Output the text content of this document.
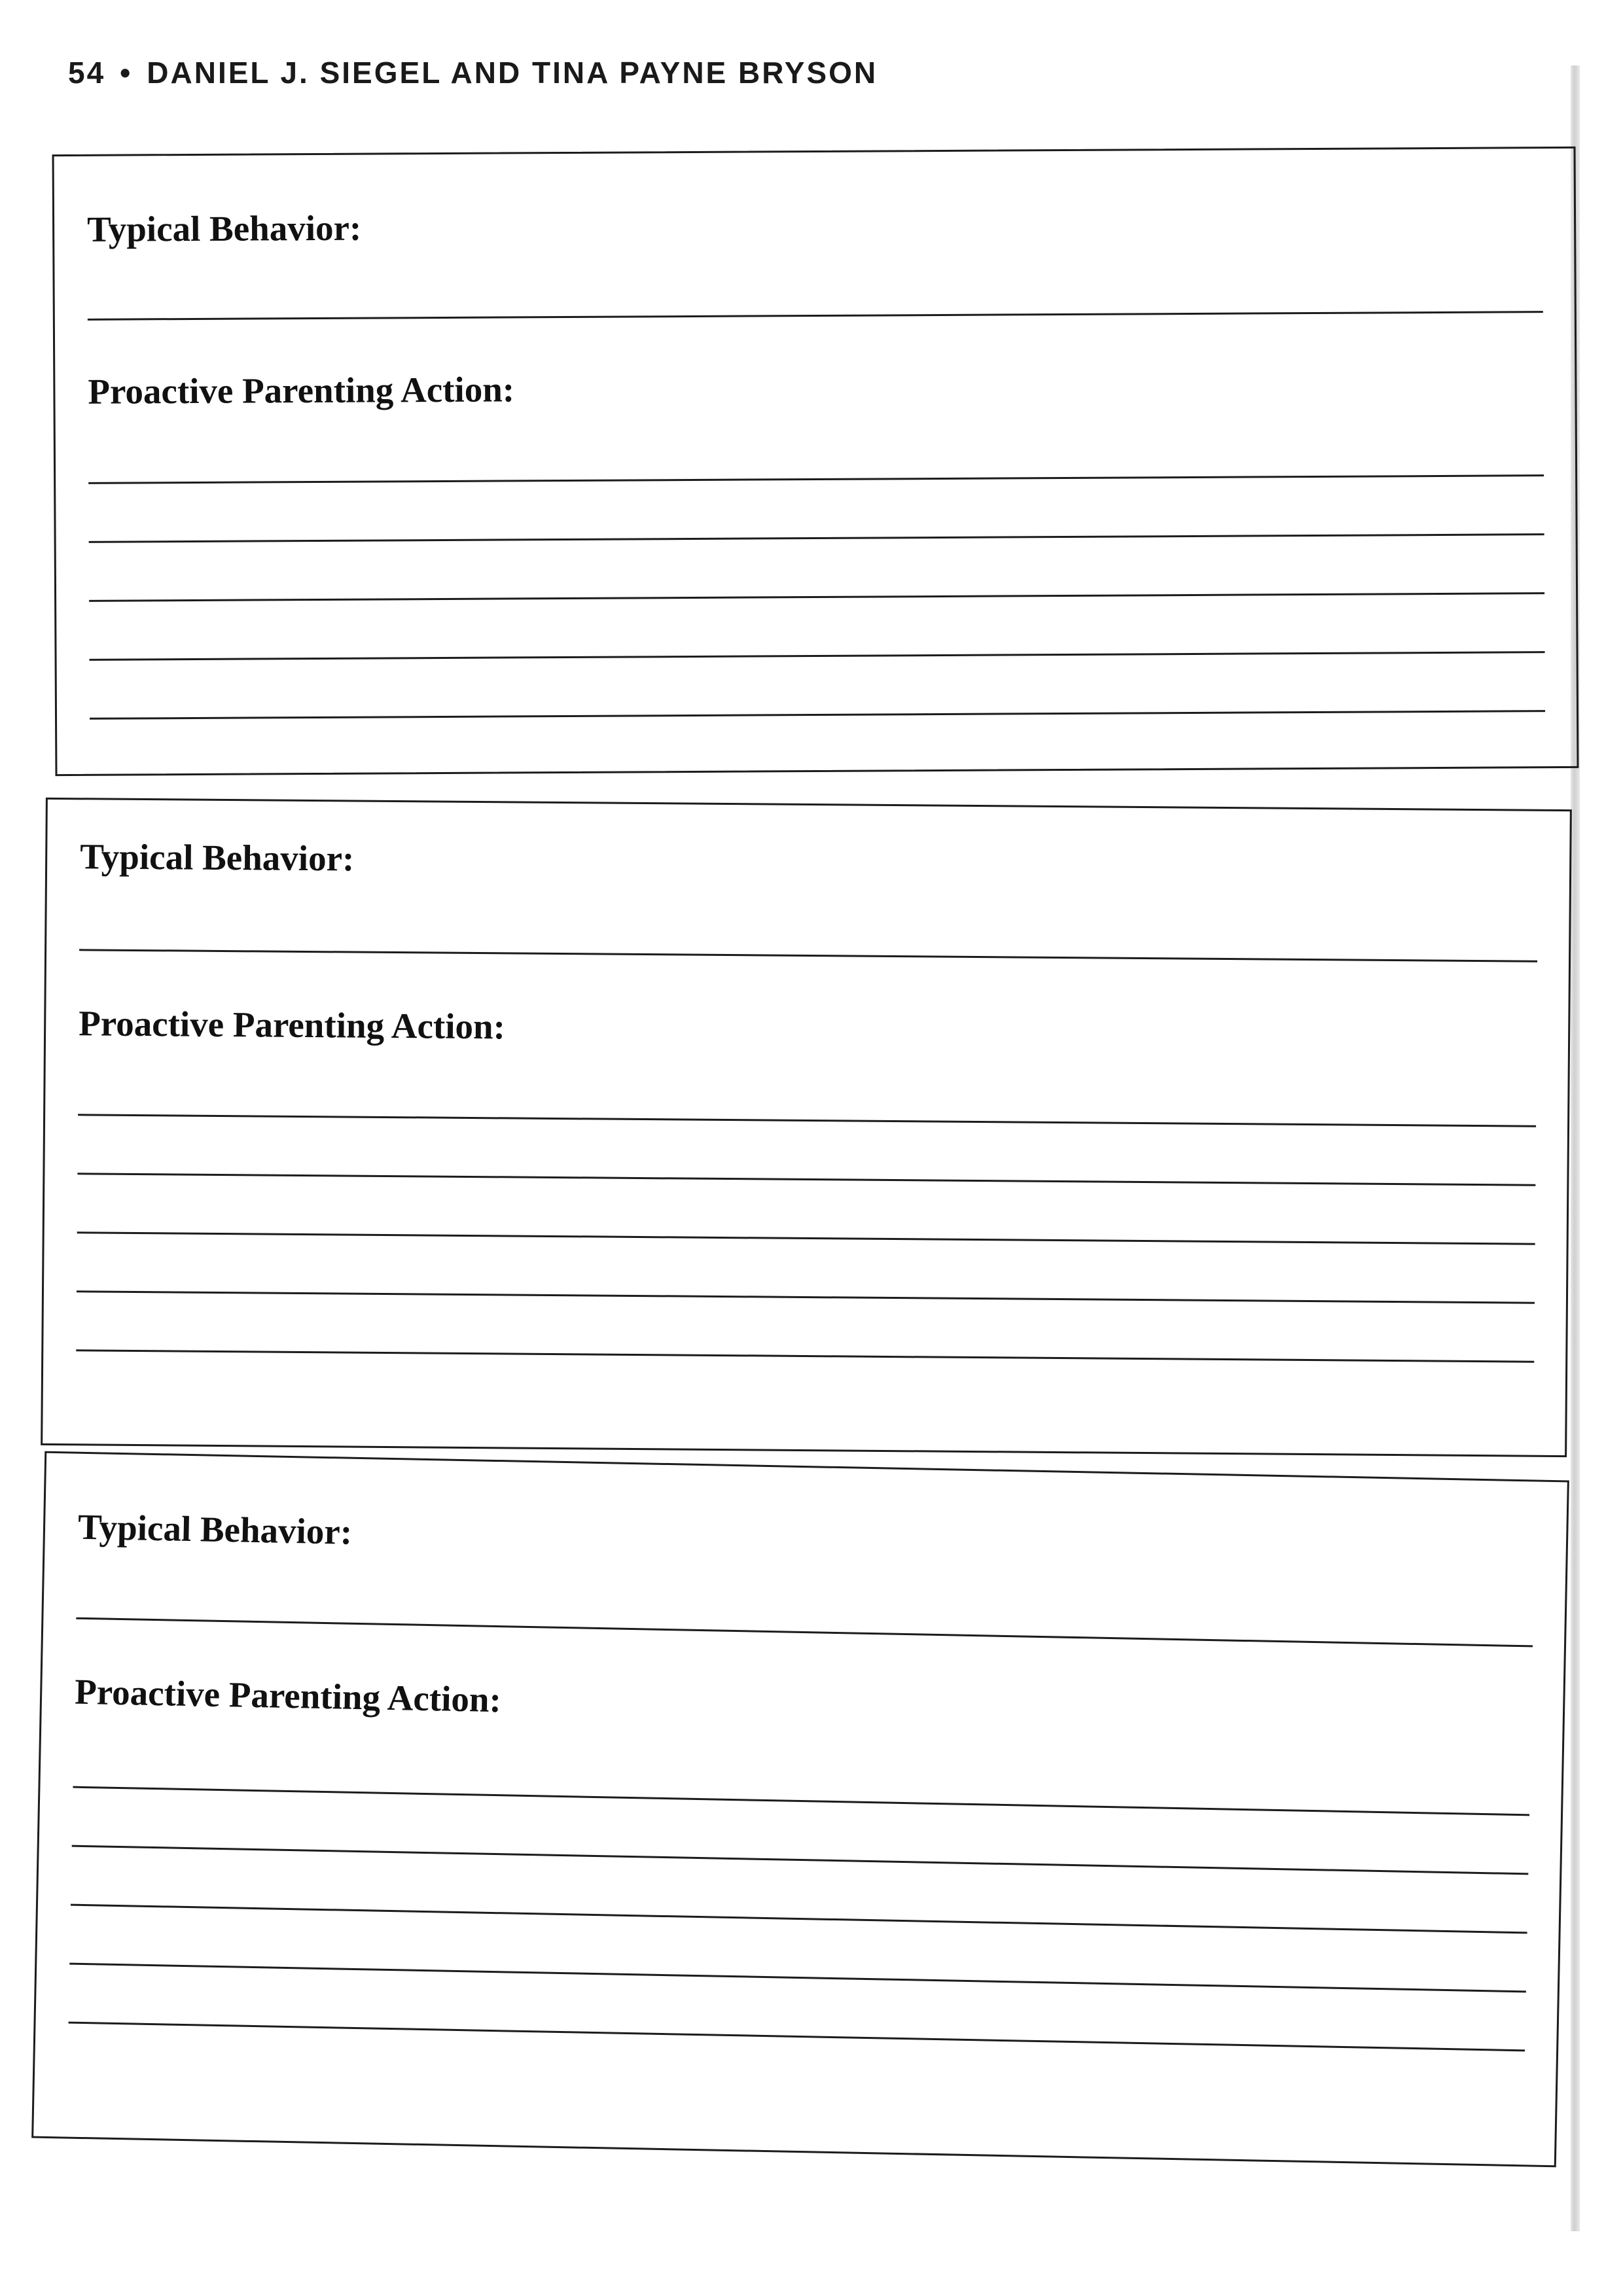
54 • DANIEL J. SIEGEL AND TINA PAYNE BRYSON
Typical Behavior:
Proactive Parenting Action:
Typical Behavior:
Proactive Parenting Action:
Typical Behavior:
Proactive Parenting Action:
